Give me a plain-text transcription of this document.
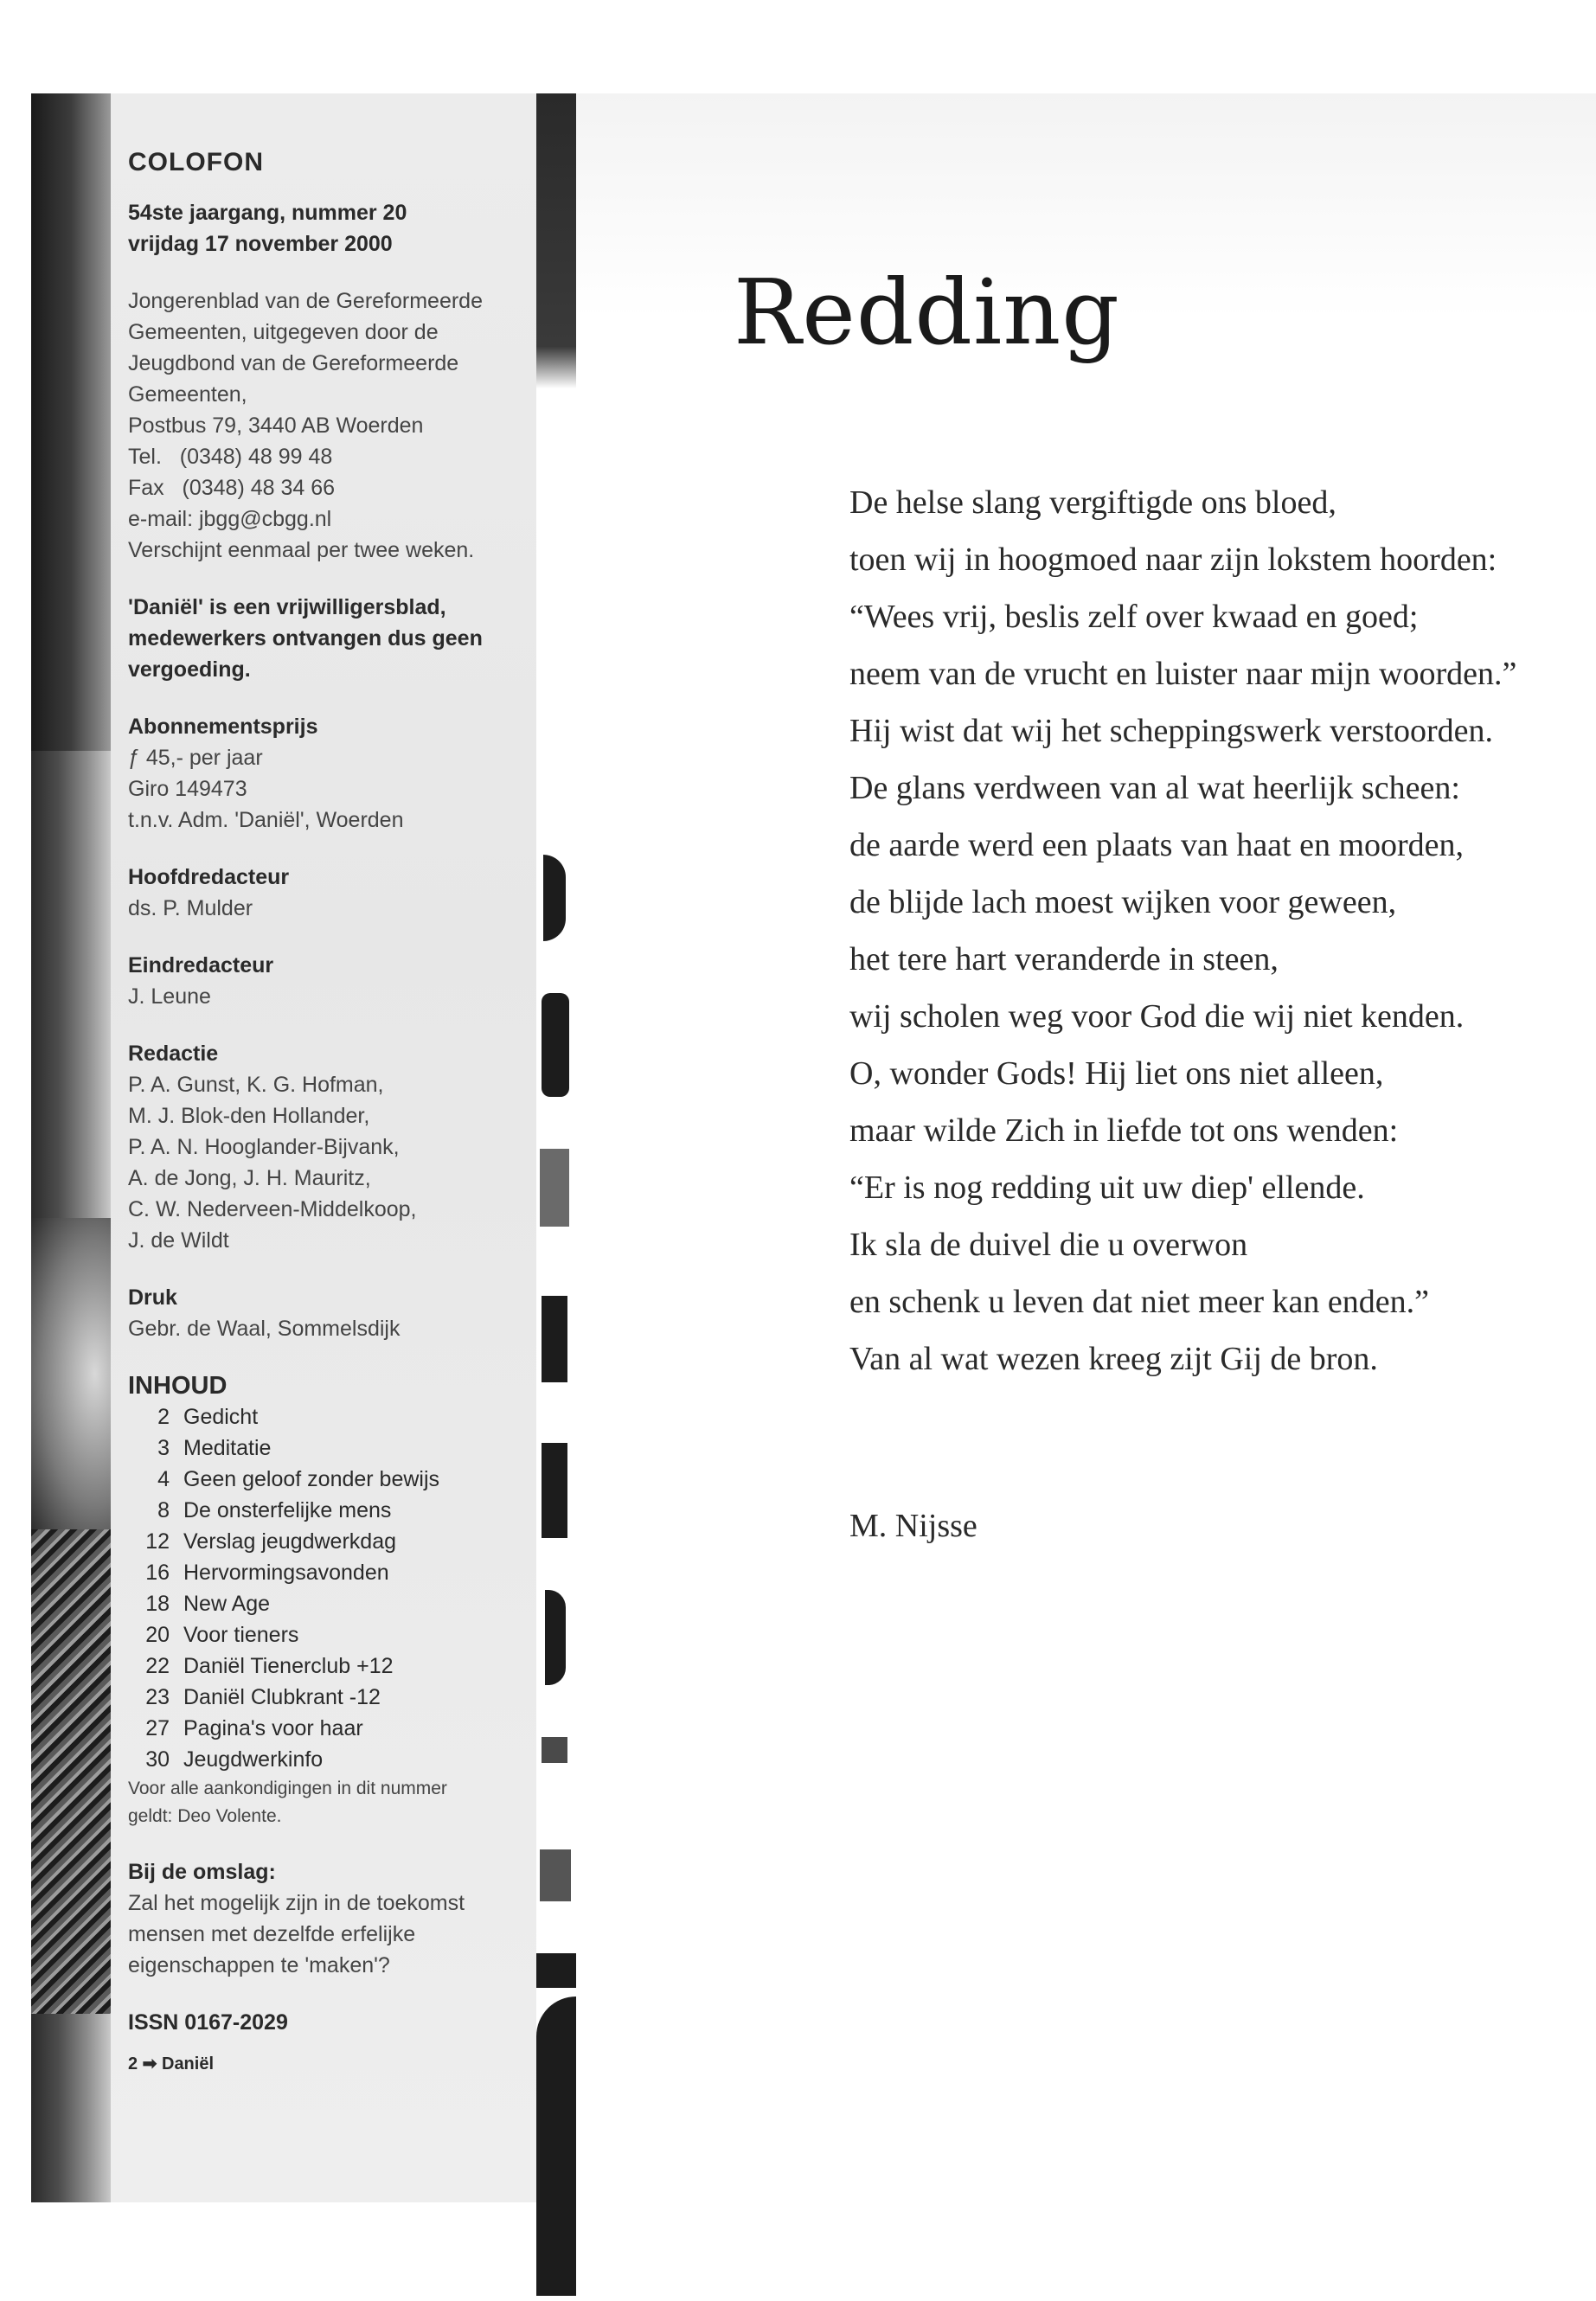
COLOFON
54ste jaargang, nummer 20
vrijdag 17 november 2000
Jongerenblad van de Gereformeerde
Gemeenten, uitgegeven door de
Jeugdbond van de Gereformeerde
Gemeenten,
Postbus 79, 3440 AB Woerden
Tel.   (0348) 48 99 48
Fax   (0348) 48 34 66
e-mail: jbgg@cbgg.nl
Verschijnt eenmaal per twee weken.
'Daniël' is een vrijwilligersblad,
medewerkers ontvangen dus geen
vergoeding.
Abonnementsprijs
ƒ 45,- per jaar
Giro 149473
t.n.v. Adm. 'Daniël', Woerden
Hoofdredacteur
ds. P. Mulder
Eindredacteur
J. Leune
Redactie
P. A. Gunst, K. G. Hofman,
M. J. Blok-den Hollander,
P. A. N. Hooglander-Bijvank,
A. de Jong, J. H. Mauritz,
C. W. Nederveen-Middelkoop,
J. de Wildt
Druk
Gebr. de Waal, Sommelsdijk
INHOUD
2 Gedicht
3 Meditatie
4 Geen geloof zonder bewijs
8 De onsterfelijke mens
12 Verslag jeugdwerkdag
16 Hervormingsavonden
18 New Age
20 Voor tieners
22 Daniël Tienerclub +12
23 Daniël Clubkrant -12
27 Pagina's voor haar
30 Jeugdwerkinfo
Voor alle aankondigingen in dit nummer
geldt: Deo Volente.
Bij de omslag:
Zal het mogelijk zijn in de toekomst
mensen met dezelfde erfelijke
eigenschappen te 'maken'?
ISSN 0167-2029
2 ➡ Daniël
Redding
De helse slang vergiftigde ons bloed,
toen wij in hoogmoed naar zijn lokstem hoorden:
“Wees vrij, beslis zelf over kwaad en goed;
neem van de vrucht en luister naar mijn woorden.”
Hij wist dat wij het scheppingswerk verstoorden.
De glans verdween van al wat heerlijk scheen:
de aarde werd een plaats van haat en moorden,
de blijde lach moest wijken voor geween,
het tere hart veranderde in steen,
wij scholen weg voor God die wij niet kenden.
O, wonder Gods! Hij liet ons niet alleen,
maar wilde Zich in liefde tot ons wenden:
“Er is nog redding uit uw diep' ellende.
Ik sla de duivel die u overwon
en schenk u leven dat niet meer kan enden.”
Van al wat wezen kreeg zijt Gij de bron.
M. Nijsse
